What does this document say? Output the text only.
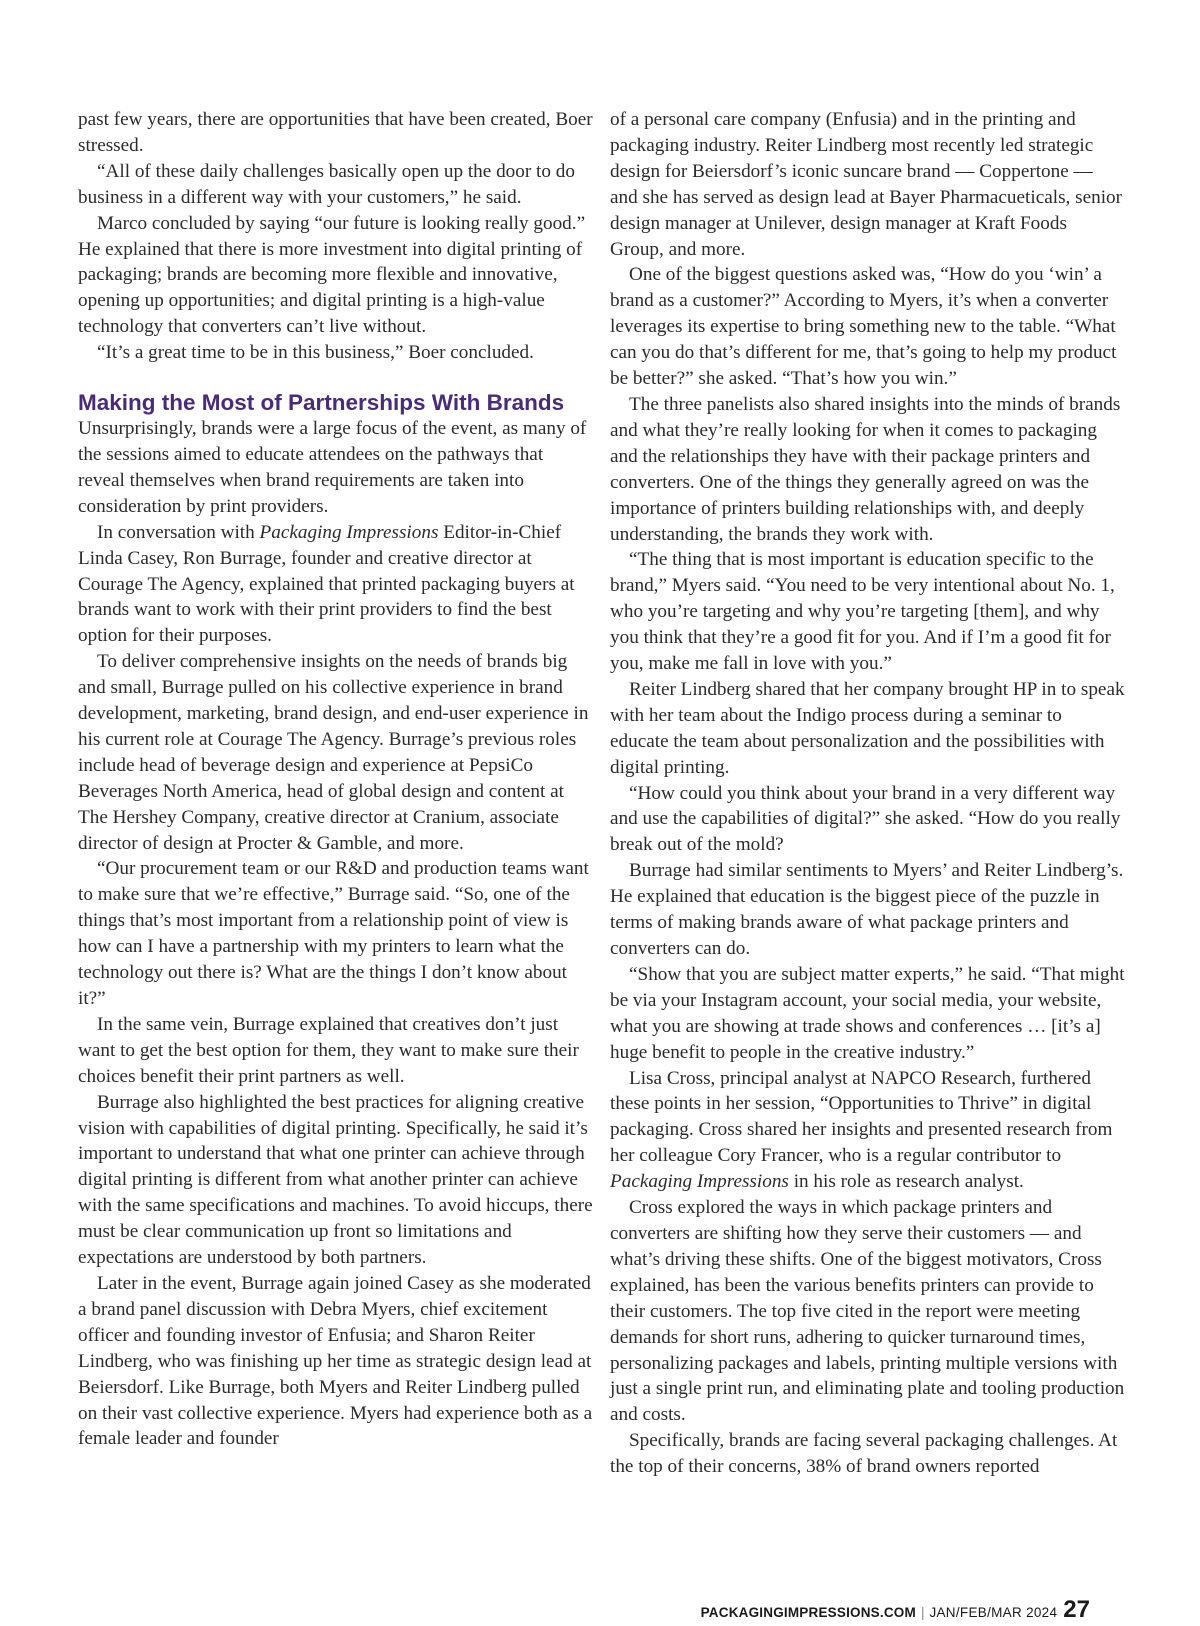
past few years, there are opportunities that have been created, Boer stressed.

“All of these daily challenges basically open up the door to do business in a different way with your customers,” he said.

Marco concluded by saying “our future is looking really good.” He explained that there is more investment into digital printing of packaging; brands are becoming more flexible and innovative, opening up opportunities; and digital printing is a high-value technology that converters can’t live without.

“It’s a great time to be in this business,” Boer concluded.

Making the Most of Partnerships With Brands

Unsurprisingly, brands were a large focus of the event, as many of the sessions aimed to educate attendees on the pathways that reveal themselves when brand requirements are taken into consideration by print providers.

In conversation with Packaging Impressions Editor-in-Chief Linda Casey, Ron Burrage, founder and creative director at Courage The Agency, explained that printed packaging buyers at brands want to work with their print providers to find the best option for their purposes.

To deliver comprehensive insights on the needs of brands big and small, Burrage pulled on his collective experience in brand development, marketing, brand design, and end-user experience in his current role at Courage The Agency. Burrage’s previous roles include head of beverage design and experience at PepsiCo Beverages North America, head of global design and content at The Hershey Company, creative director at Cranium, associate director of design at Procter & Gamble, and more.

“Our procurement team or our R&D and production teams want to make sure that we’re effective,” Burrage said. “So, one of the things that’s most important from a relationship point of view is how can I have a partnership with my printers to learn what the technology out there is? What are the things I don’t know about it?”

In the same vein, Burrage explained that creatives don’t just want to get the best option for them, they want to make sure their choices benefit their print partners as well.

Burrage also highlighted the best practices for aligning creative vision with capabilities of digital printing. Specifically, he said it’s important to understand that what one printer can achieve through digital printing is different from what another printer can achieve with the same specifications and machines. To avoid hiccups, there must be clear communication up front so limitations and expectations are understood by both partners.

Later in the event, Burrage again joined Casey as she moderated a brand panel discussion with Debra Myers, chief excitement officer and founding investor of Enfusia; and Sharon Reiter Lindberg, who was finishing up her time as strategic design lead at Beiersdorf. Like Burrage, both Myers and Reiter Lindberg pulled on their vast collective experience. Myers had experience both as a female leader and founder

of a personal care company (Enfusia) and in the printing and packaging industry. Reiter Lindberg most recently led strategic design for Beiersdorf’s iconic suncare brand — Coppertone — and she has served as design lead at Bayer Pharmacueticals, senior design manager at Unilever, design manager at Kraft Foods Group, and more.

One of the biggest questions asked was, “How do you ‘win’ a brand as a customer?” According to Myers, it’s when a converter leverages its expertise to bring something new to the table. “What can you do that’s different for me, that’s going to help my product be better?” she asked. “That’s how you win.”

The three panelists also shared insights into the minds of brands and what they’re really looking for when it comes to packaging and the relationships they have with their package printers and converters. One of the things they generally agreed on was the importance of printers building relationships with, and deeply understanding, the brands they work with.

“The thing that is most important is education specific to the brand,” Myers said. “You need to be very intentional about No. 1, who you’re targeting and why you’re targeting [them], and why you think that they’re a good fit for you. And if I’m a good fit for you, make me fall in love with you.”

Reiter Lindberg shared that her company brought HP in to speak with her team about the Indigo process during a seminar to educate the team about personalization and the possibilities with digital printing.

“How could you think about your brand in a very different way and use the capabilities of digital?” she asked. “How do you really break out of the mold?

Burrage had similar sentiments to Myers’ and Reiter Lindberg’s. He explained that education is the biggest piece of the puzzle in terms of making brands aware of what package printers and converters can do.

“Show that you are subject matter experts,” he said. “That might be via your Instagram account, your social media, your website, what you are showing at trade shows and conferences … [it’s a] huge benefit to people in the creative industry.”

Lisa Cross, principal analyst at NAPCO Research, furthered these points in her session, “Opportunities to Thrive” in digital packaging. Cross shared her insights and presented research from her colleague Cory Francer, who is a regular contributor to Packaging Impressions in his role as research analyst.

Cross explored the ways in which package printers and converters are shifting how they serve their customers — and what’s driving these shifts. One of the biggest motivators, Cross explained, has been the various benefits printers can provide to their customers. The top five cited in the report were meeting demands for short runs, adhering to quicker turnaround times, personalizing packages and labels, printing multiple versions with just a single print run, and eliminating plate and tooling production and costs.

Specifically, brands are facing several packaging challenges. At the top of their concerns, 38% of brand owners reported

PACKAGINGIMPRESSIONS.COM | JAN/FEB/MAR 2024 27
